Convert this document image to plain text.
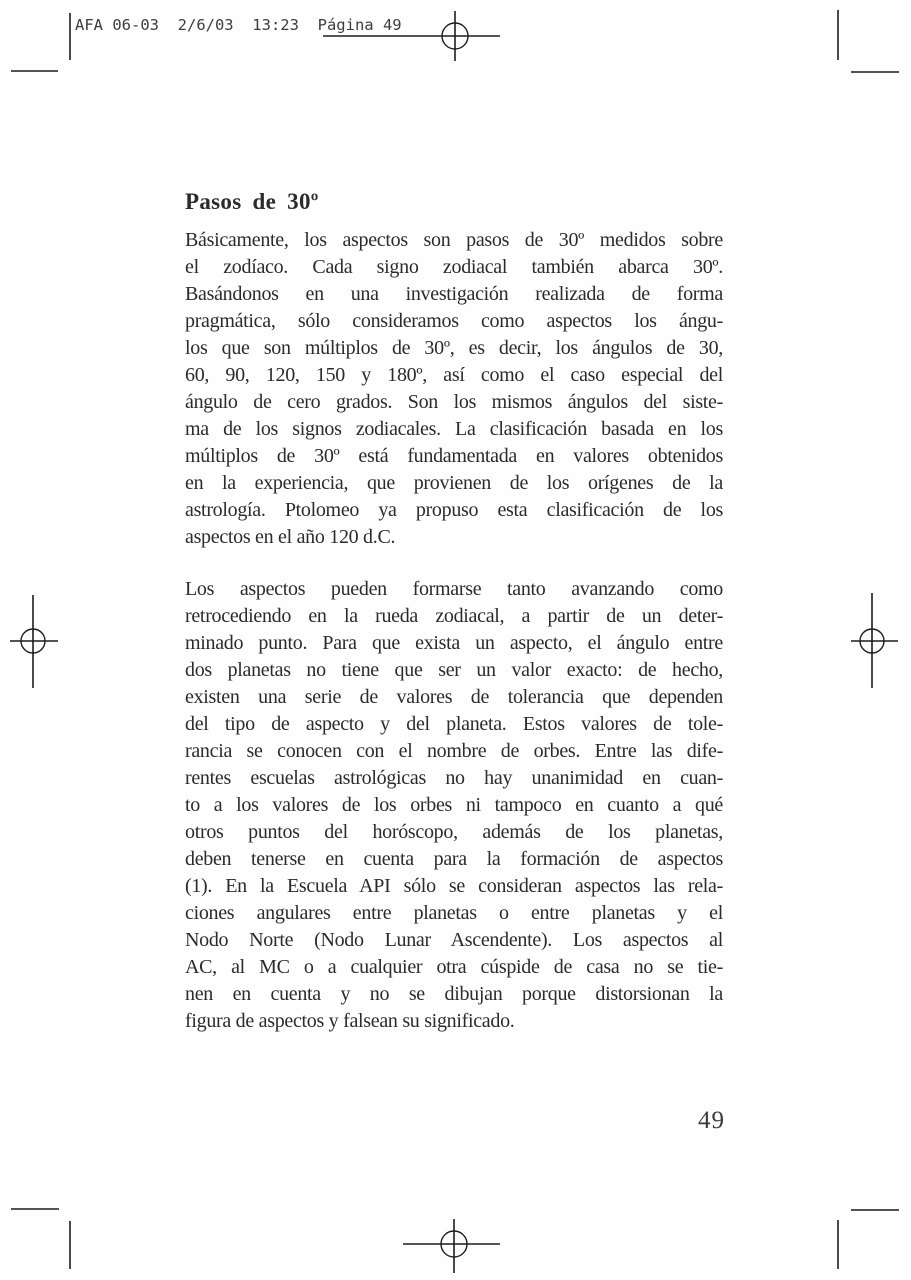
AFA 06-03  2/6/03  13:23  Página 49
Pasos de 30º
Básicamente, los aspectos son pasos de 30º medidos sobre
el zodíaco. Cada signo zodiacal también abarca 30º.
Basándonos en una investigación realizada de forma
pragmática, sólo consideramos como aspectos los ángu-
los que son múltiplos de 30º, es decir, los ángulos de 30,
60, 90, 120, 150 y 180º, así como el caso especial del
ángulo de cero grados. Son los mismos ángulos del siste-
ma de los signos zodiacales. La clasificación basada en los
múltiplos de 30º está fundamentada en valores obtenidos
en la experiencia, que provienen de los orígenes de la
astrología. Ptolomeo ya propuso esta clasificación de los
aspectos en el año 120 d.C.
Los aspectos pueden formarse tanto avanzando como
retrocediendo en la rueda zodiacal, a partir de un deter-
minado punto. Para que exista un aspecto, el ángulo entre
dos planetas no tiene que ser un valor exacto: de hecho,
existen una serie de valores de tolerancia que dependen
del tipo de aspecto y del planeta. Estos valores de tole-
rancia se conocen con el nombre de orbes. Entre las dife-
rentes escuelas astrológicas no hay unanimidad en cuan-
to a los valores de los orbes ni tampoco en cuanto a qué
otros puntos del horóscopo, además de los planetas,
deben tenerse en cuenta para la formación de aspectos
(1). En la Escuela API sólo se consideran aspectos las rela-
ciones angulares entre planetas o entre planetas y el
Nodo Norte (Nodo Lunar Ascendente). Los aspectos al
AC, al MC o a cualquier otra cúspide de casa no se tie-
nen en cuenta y no se dibujan porque distorsionan la
figura de aspectos y falsean su significado.
49
